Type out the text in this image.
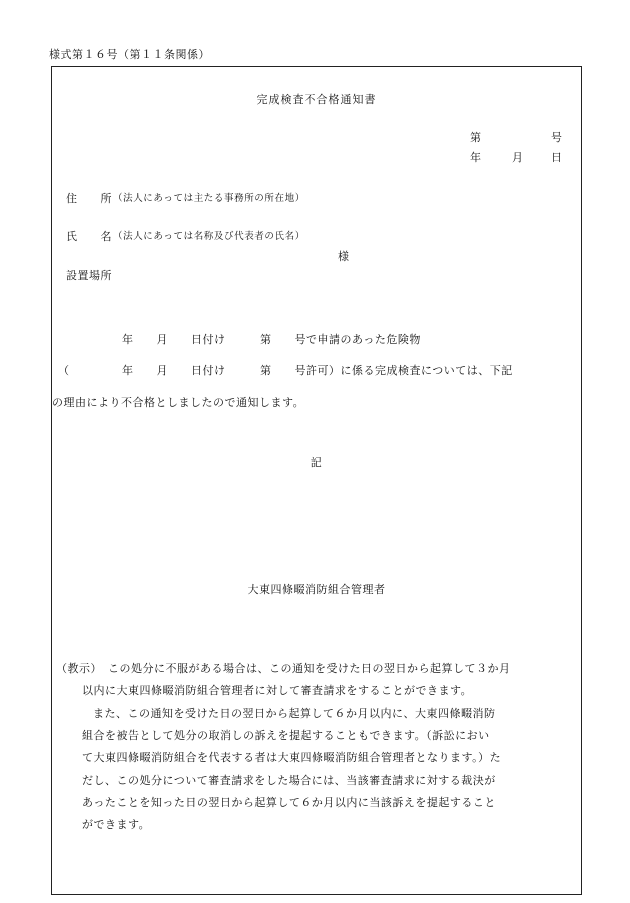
様式第１６号（第１１条関係）
完成検査不合格通知書
第	号
年	月	日
住　　所 （法人にあっては主たる事務所の所在地）
氏　　名 （法人にあっては名称及び代表者の氏名）
様
設置場所
年　　月　　日付け　　　第　　号で申請のあった危険物
（	年　　月　　日付け　　　第　　号許可）に係る完成検査については、下記
の理由により不合格としましたので通知します。
記
大東四條畷消防組合管理者
（教示） この処分に不服がある場合は、この通知を受けた日の翌日から起算して３か月
以内に大東四條畷消防組合管理者に対して審査請求をすることができます。
また、この通知を受けた日の翌日から起算して６か月以内に、大東四條畷消防
組合を被告として処分の取消しの訴えを提起することもできます。（訴訟におい
て大東四條畷消防組合を代表する者は大東四條畷消防組合管理者となります。）た
だし、この処分について審査請求をした場合には、当該審査請求に対する裁決が
あったことを知った日の翌日から起算して６か月以内に当該訴えを提起すること
ができます。
